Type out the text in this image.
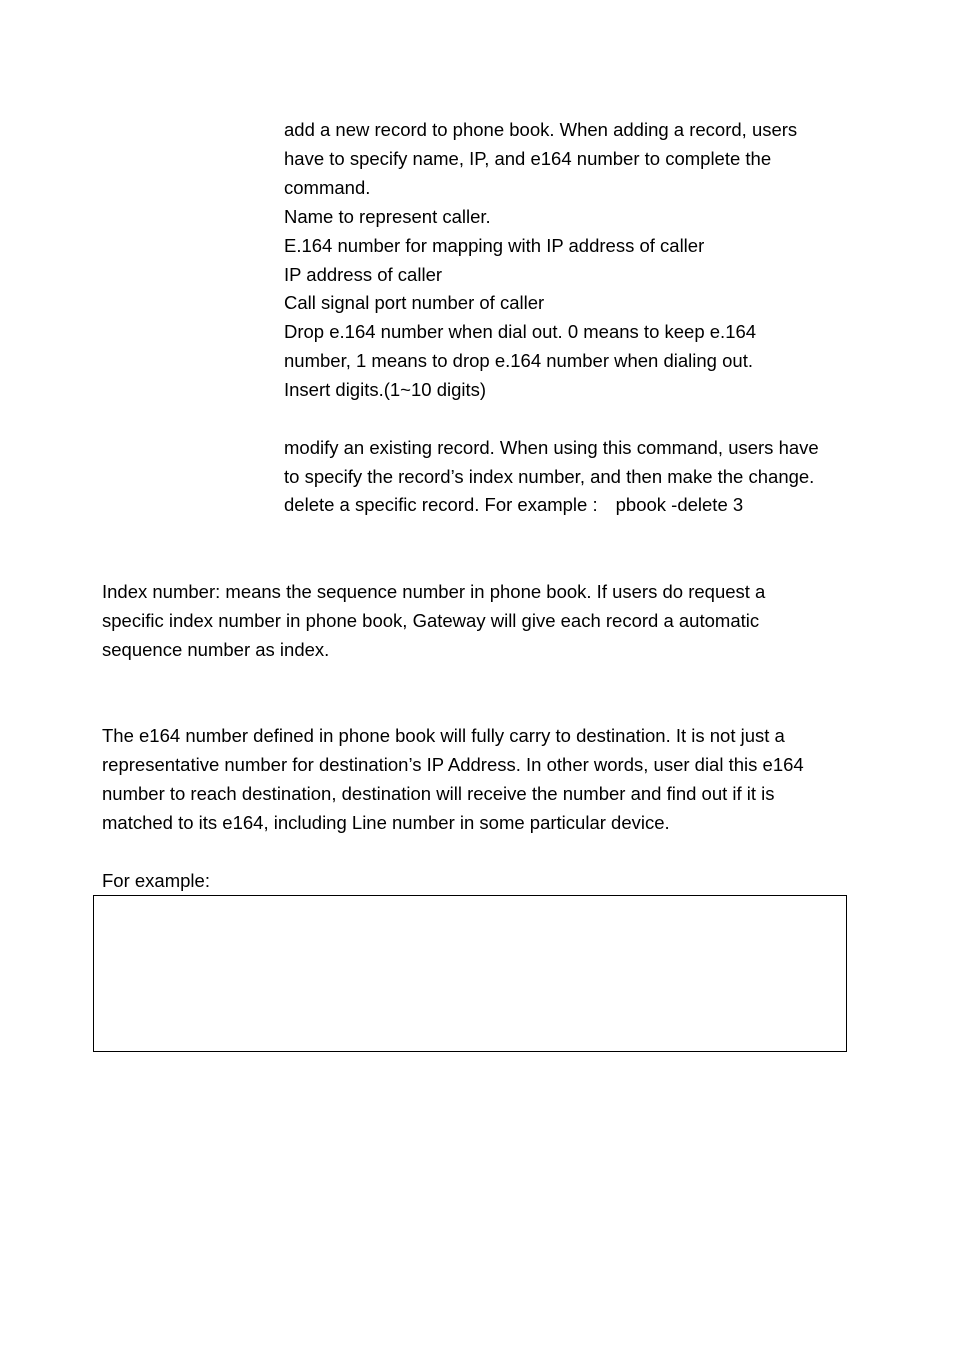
add a new record to phone book. When adding a record, users
have to specify name, IP, and e164 number to complete the
command.
Name to represent caller.
E.164 number for mapping with IP address of caller
IP address of caller
Call signal port number of caller
Drop e.164 number when dial out. 0 means to keep e.164
number, 1 means to drop e.164 number when dialing out.
Insert digits.(1~10 digits)
modify an existing record. When using this command, users have
to specify the record’s index number, and then make the change.
delete a specific record. For example : pbook -delete 3
Index number: means the sequence number in phone book. If users do request a
specific index number in phone book, Gateway will give each record a automatic
sequence number as index.
The e164 number defined in phone book will fully carry to destination. It is not just a
representative number for destination’s IP Address. In other words, user dial this e164
number to reach destination, destination will receive the number and find out if it is
matched to its e164, including Line number in some particular device.
For example:
